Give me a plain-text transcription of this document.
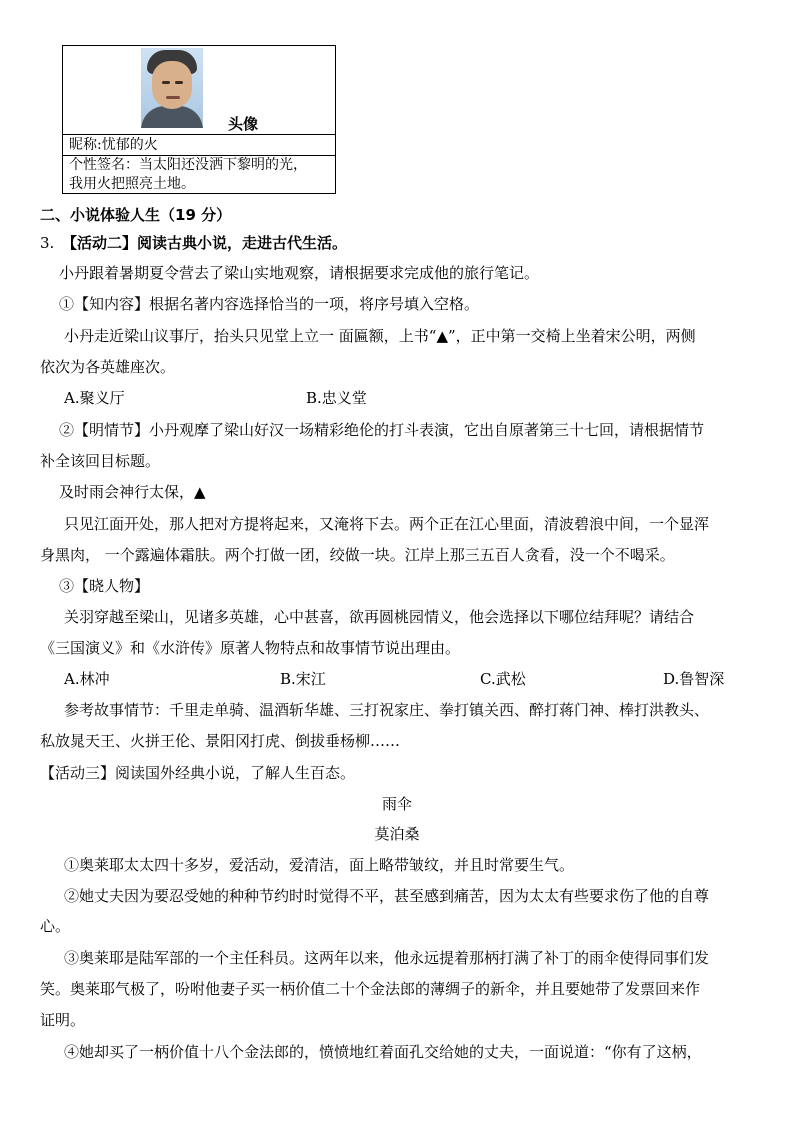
头像
昵称:忧郁的火
个性签名：当太阳还没洒下黎明的光，
我用火把照亮土地。
二、小说体验人生（19 分）
3. 【活动二】阅读古典小说，走进古代生活。
小丹跟着暑期夏令营去了梁山实地观察，请根据要求完成他的旅行笔记。
①【知内容】根据名著内容选择恰当的一项，将序号填入空格。
小丹走近梁山议事厅，抬头只见堂上立一 面匾额，上书“▲”，正中第一交椅上坐着宋公明，两侧
依次为各英雄座次。
A.聚义厅	B.忠义堂
②【明情节】小丹观摩了梁山好汉一场精彩绝伦的打斗表演，它出自原著第三十七回，请根据情节
补全该回目标题。
及时雨会神行太保，▲
只见江面开处，那人把对方提将起来，又淹将下去。两个正在江心里面，清波碧浪中间，一个显浑
身黑肉， 一个露遍体霜肤。两个打做一团，绞做一块。江岸上那三五百人贪看，没一个不喝采。
③【晓人物】
关羽穿越至梁山，见诸多英雄，心中甚喜，欲再圆桃园情义，他会选择以下哪位结拜呢？请结合
《三国演义》和《水浒传》原著人物特点和故事情节说出理由。
A.林冲	B.宋江	C.武松	D.鲁智深
参考故事情节：千里走单骑、温酒斩华雄、三打祝家庄、拳打镇关西、醉打蒋门神、棒打洪教头、
私放晁天王、火拼王伦、景阳冈打虎、倒拔垂杨柳……
【活动三】阅读国外经典小说，了解人生百态。
雨伞
莫泊桑
①奥莱耶太太四十多岁，爱活动，爱清洁，面上略带皱纹，并且时常要生气。
②她丈夫因为要忍受她的种种节约时时觉得不平，甚至感到痛苦，因为太太有些要求伤了他的自尊
心。
③奥莱耶是陆军部的一个主任科员。这两年以来，他永远提着那柄打满了补丁的雨伞使得同事们发
笑。奥莱耶气极了，吩咐他妻子买一柄价值二十个金法郎的薄绸子的新伞，并且要她带了发票回来作
证明。
④她却买了一柄价值十八个金法郎的，愤愤地红着面孔交给她的丈夫，一面说道：“你有了这柄，
